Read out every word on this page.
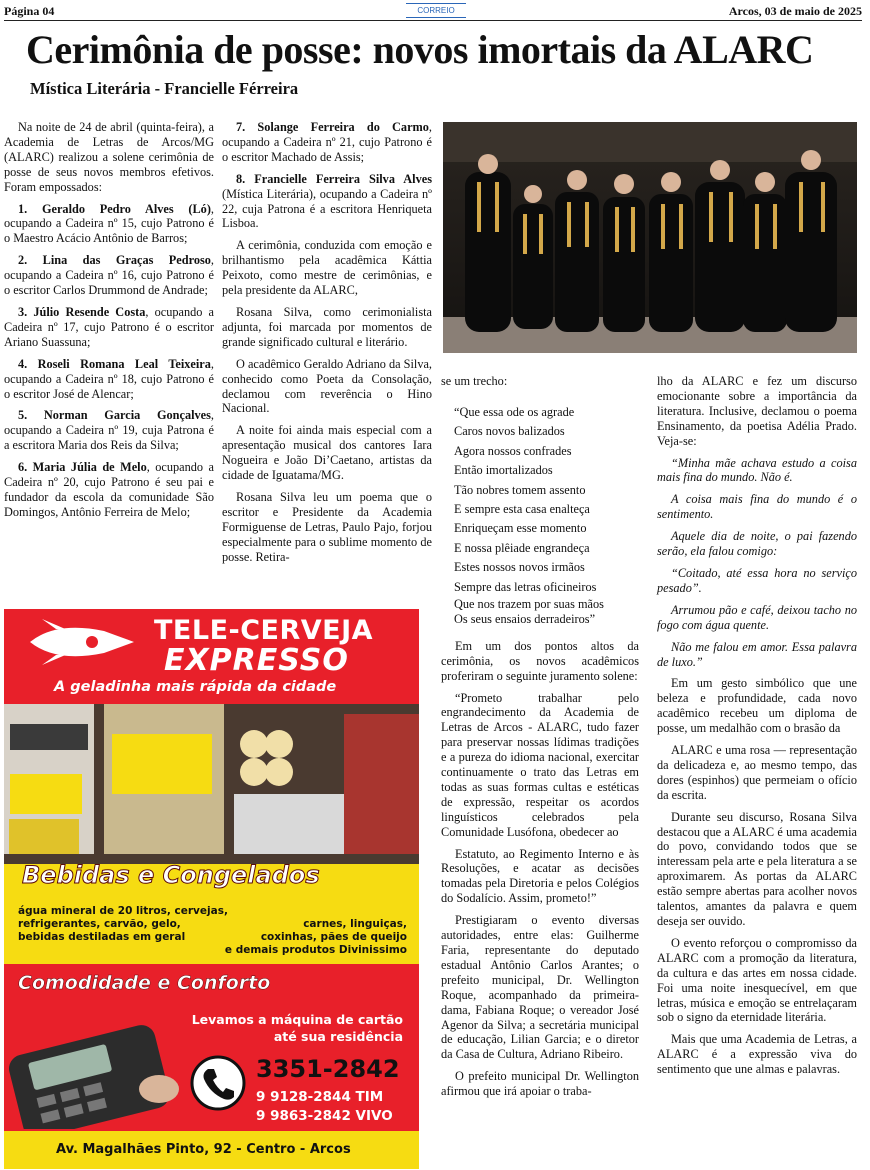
Página 04	CORREIO	Arcos, 03 de maio de 2025
Cerimônia de posse: novos imortais da ALARC
Mística Literária - Francielle Férreira

Na noite de 24 de abril (quinta-feira), a Academia de Letras de Arcos/MG (ALARC) realizou a solene cerimônia de posse de seus novos membros efetivos. Foram empossados:

1. Geraldo Pedro Alves (Ló), ocupando a Cadeira nº 15, cujo Patrono é o Maestro Acácio Antônio de Barros;

2. Lina das Graças Pedroso, ocupando a Cadeira nº 16, cujo Patrono é o escritor Carlos Drummond de Andrade;

3. Júlio Resende Costa, ocupando a Cadeira nº 17, cujo Patrono é o escritor Ariano Suassuna;

4. Roseli Romana Leal Teixeira, ocupando a Cadeira nº 18, cujo Patrono é o escritor José de Alencar;

5. Norman Garcia Gonçalves, ocupando a Cadeira nº 19, cuja Patrona é a escritora Maria dos Reis da Silva;

6. Maria Júlia de Melo, ocupando a Cadeira nº 20, cujo Patrono é seu pai e fundador da escola da comunidade São Domingos, Antônio Ferreira de Melo;

7. Solange Ferreira do Carmo, ocupando a Cadeira nº 21, cujo Patrono é o escritor Machado de Assis;

8. Francielle Ferreira Silva Alves (Mística Literária), ocupando a Cadeira nº 22, cuja Patrona é a escritora Henriqueta Lisboa.

A cerimônia, conduzida com emoção e brilhantismo pela acadêmica Káttia Peixoto, como mestre de cerimônias, e pela presidente da ALARC,

Rosana Silva, como cerimonialista adjunta, foi marcada por momentos de grande significado cultural e literário.

O acadêmico Geraldo Adriano da Silva, conhecido como Poeta da Consolação, declamou com reverência o Hino Nacional.

A noite foi ainda mais especial com a apresentação musical dos cantores Iara Nogueira e João Di’Caetano, artistas da cidade de Iguatama/MG.

Rosana Silva leu um poema que o escritor e Presidente da Academia Formiguense de Letras, Paulo Pajo, forjou especialmente para o sublime momento de posse. Retira-

se um trecho:

“Que essa ode os agrade
Caros novos balizados
Agora nossos confrades
Então imortalizados
Tão nobres tomem assento
E sempre esta casa enalteça
Enriqueçam esse momento
E nossa plêiade engrandeça
Estes nossos novos irmãos
Sempre das letras oficineiros
Que nos trazem por suas mãos
Os seus ensaios derradeiros”

Em um dos pontos altos da cerimônia, os novos acadêmicos proferiram o seguinte juramento solene:

“Prometo trabalhar pelo engrandecimento da Academia de Letras de Arcos - ALARC, tudo fazer para preservar nossas lídimas tradições e a pureza do idioma nacional, exercitar continuamente o trato das Letras em todas as suas formas cultas e estéticas de expressão, respeitar os acordos linguísticos celebrados pela Comunidade Lusófona, obedecer ao

Estatuto, ao Regimento Interno e às Resoluções, e acatar as decisões tomadas pela Diretoria e pelos Colégios do Sodalício. Assim, prometo!”

Prestigiaram o evento diversas autoridades, entre elas: Guilherme Faria, representante do deputado estadual Antônio Carlos Arantes; o prefeito municipal, Dr. Wellington Roque, acompanhado da primeira-dama, Fabiana Roque; o vereador José Agenor da Silva; a secretária municipal de educação, Lilian Garcia; e o diretor da Casa de Cultura, Adriano Ribeiro.

O prefeito municipal Dr. Wellington afirmou que irá apoiar o traba-

lho da ALARC e fez um discurso emocionante sobre a importância da literatura. Inclusive, declamou o poema Ensinamento, da poetisa Adélia Prado. Veja-se:

“Minha mãe achava estudo a coisa mais fina do mundo. Não é.

A coisa mais fina do mundo é o sentimento.

Aquele dia de noite, o pai fazendo serão, ela falou comigo:

“Coitado, até essa hora no serviço pesado”.

Arrumou pão e café, deixou tacho no fogo com água quente.

Não me falou em amor. Essa palavra de luxo.”

Em um gesto simbólico que une beleza e profundidade, cada novo acadêmico recebeu um diploma de posse, um medalhão com o brasão da

ALARC e uma rosa — representação da delicadeza e, ao mesmo tempo, das dores (espinhos) que permeiam o ofício da escrita.

Durante seu discurso, Rosana Silva destacou que a ALARC é uma academia do povo, convidando todos que se interessam pela arte e pela literatura a se aproximarem. As portas da ALARC estão sempre abertas para acolher novos talentos, amantes da palavra e quem deseja ser ouvido.

O evento reforçou o compromisso da ALARC com a promoção da literatura, da cultura e das artes em nossa cidade. Foi uma noite inesquecível, em que letras, música e emoção se entrelaçaram sob o signo da eternidade literária.

Mais que uma Academia de Letras, a ALARC é a expressão viva do sentimento que une almas e palavras.

TELE-CERVEJA
EXPRESSO
A geladinha mais rápida da cidade
Bebidas e Congelados
água mineral de 20 litros, cervejas,
refrigerantes, carvão, gelo,
bebidas destiladas em geral
carnes, linguiças,
coxinhas, pães de queijo
e demais produtos Divinissimo
Comodidade e Conforto
Levamos a máquina de cartão
até sua residência
3351-2842
9 9128-2844 TIM
9 9863-2842 VIVO
Av. Magalhães Pinto, 92 - Centro - Arcos
